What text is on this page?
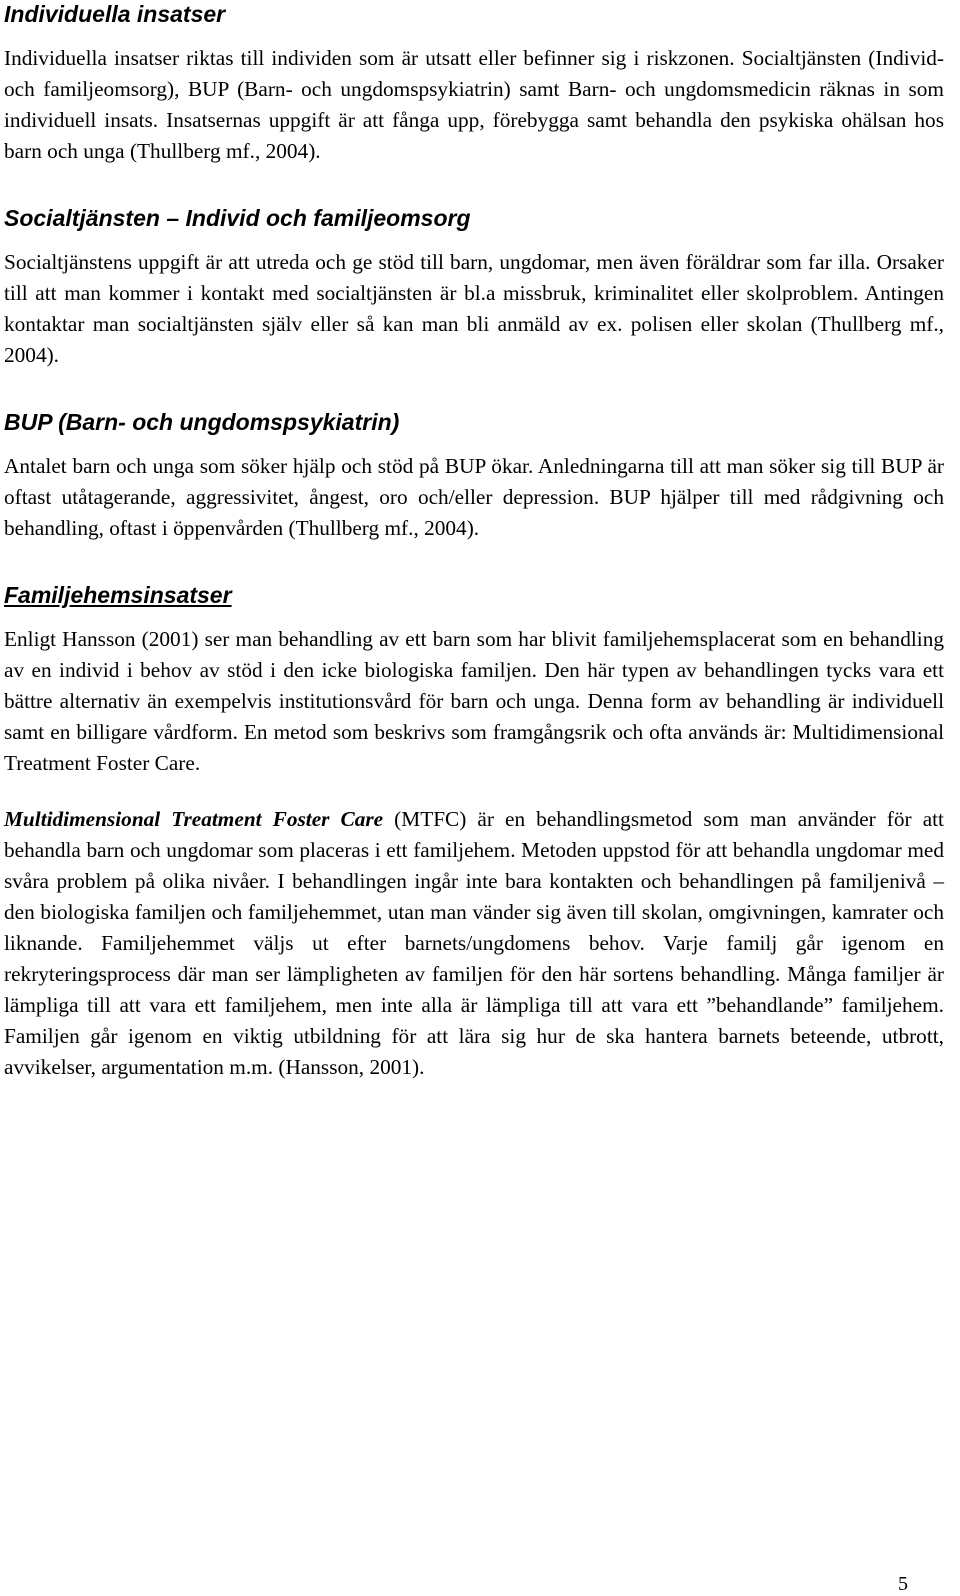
Individuella insatser

Individuella insatser riktas till individen som är utsatt eller befinner sig i riskzonen. Socialtjänsten (Individ- och familjeomsorg), BUP (Barn- och ungdomspsykiatrin) samt Barn- och ungdomsmedicin räknas in som individuell insats. Insatsernas uppgift är att fånga upp, förebygga samt behandla den psykiska ohälsan hos barn och unga (Thullberg mf., 2004).

Socialtjänsten – Individ och familjeomsorg

Socialtjänstens uppgift är att utreda och ge stöd till barn, ungdomar, men även föräldrar som far illa. Orsaker till att man kommer i kontakt med socialtjänsten är bl.a missbruk, kriminalitet eller skolproblem. Antingen kontaktar man socialtjänsten själv eller så kan man bli anmäld av ex. polisen eller skolan (Thullberg mf., 2004).

BUP (Barn- och ungdomspsykiatrin)

Antalet barn och unga som söker hjälp och stöd på BUP ökar. Anledningarna till att man söker sig till BUP är oftast utåtagerande, aggressivitet, ångest, oro och/eller depression. BUP hjälper till med rådgivning och behandling, oftast i öppenvården (Thullberg mf., 2004).

Familjehemsinsatser

Enligt Hansson (2001) ser man behandling av ett barn som har blivit familjehemsplacerat som en behandling av en individ i behov av stöd i den icke biologiska familjen. Den här typen av behandlingen tycks vara ett bättre alternativ än exempelvis institutionsvård för barn och unga. Denna form av behandling är individuell samt en billigare vårdform. En metod som beskrivs som framgångsrik och ofta används är: Multidimensional Treatment Foster Care.

Multidimensional Treatment Foster Care (MTFC) är en behandlingsmetod som man använder för att behandla barn och ungdomar som placeras i ett familjehem. Metoden uppstod för att behandla ungdomar med svåra problem på olika nivåer. I behandlingen ingår inte bara kontakten och behandlingen på familjenivå – den biologiska familjen och familjehemmet, utan man vänder sig även till skolan, omgivningen, kamrater och liknande. Familjehemmet väljs ut efter barnets/ungdomens behov. Varje familj går igenom en rekryteringsprocess där man ser lämpligheten av familjen för den här sortens behandling. Många familjer är lämpliga till att vara ett familjehem, men inte alla är lämpliga till att vara ett ”behandlande” familjehem. Familjen går igenom en viktig utbildning för att lära sig hur de ska hantera barnets beteende, utbrott, avvikelser, argumentation m.m. (Hansson, 2001).

5
